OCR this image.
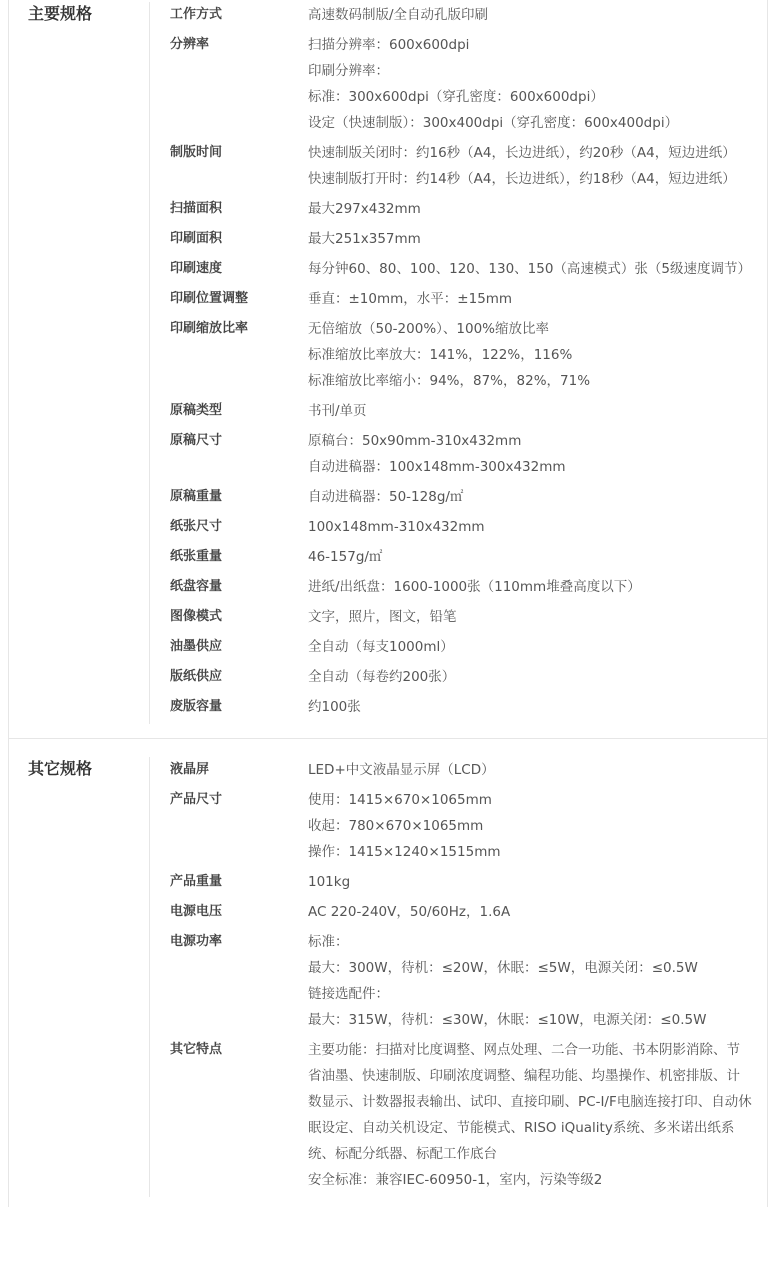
主要规格	工作方式	高速数码制版/全自动孔版印刷
分辨率	扫描分辨率：600x600dpi
印刷分辨率：
标准：300x600dpi（穿孔密度：600x600dpi）
设定（快速制版）：300x400dpi（穿孔密度：600x400dpi）
制版时间	快速制版关闭时：约16秒（A4，长边进纸），约20秒（A4，短边进纸）
快速制版打开时：约14秒（A4，长边进纸），约18秒（A4，短边进纸）
扫描面积	最大297x432mm
印刷面积	最大251x357mm
印刷速度	每分钟60、80、100、120、130、150（高速模式）张（5级速度调节）
印刷位置调整	垂直：±10mm，水平：±15mm
印刷缩放比率	无倍缩放（50-200%）、100%缩放比率
标准缩放比率放大：141%，122%，116%
标准缩放比率缩小：94%，87%，82%，71%
原稿类型	书刊/单页
原稿尺寸	原稿台：50x90mm-310x432mm
自动进稿器：100x148mm-300x432mm
原稿重量	自动进稿器：50-128g/㎡
纸张尺寸	100x148mm-310x432mm
纸张重量	46-157g/㎡
纸盘容量	进纸/出纸盘：1600-1000张（110mm堆叠高度以下）
图像模式	文字，照片，图文，铅笔
油墨供应	全自动（每支1000ml）
版纸供应	全自动（每卷约200张）
废版容量	约100张
其它规格	液晶屏	LED+中文液晶显示屏（LCD）
产品尺寸	使用：1415×670×1065mm
收起：780×670×1065mm
操作：1415×1240×1515mm
产品重量	101kg
电源电压	AC 220-240V，50/60Hz，1.6A
电源功率	标准：
最大：300W，待机：≤20W，休眠：≤5W，电源关闭：≤0.5W
链接选配件：
最大：315W，待机：≤30W，休眠：≤10W，电源关闭：≤0.5W
其它特点	主要功能：扫描对比度调整、网点处理、二合一功能、书本阴影消除、节省油墨、快速制版、印刷浓度调整、编程功能、均墨操作、机密排版、计数显示、计数器报表输出、试印、直接印刷、PC-I/F电脑连接打印、自动休眠设定、自动关机设定、节能模式、RISO iQuality系统、多米诺出纸系统、标配分纸器、标配工作底台
安全标准：兼容IEC-60950-1，室内，污染等级2
